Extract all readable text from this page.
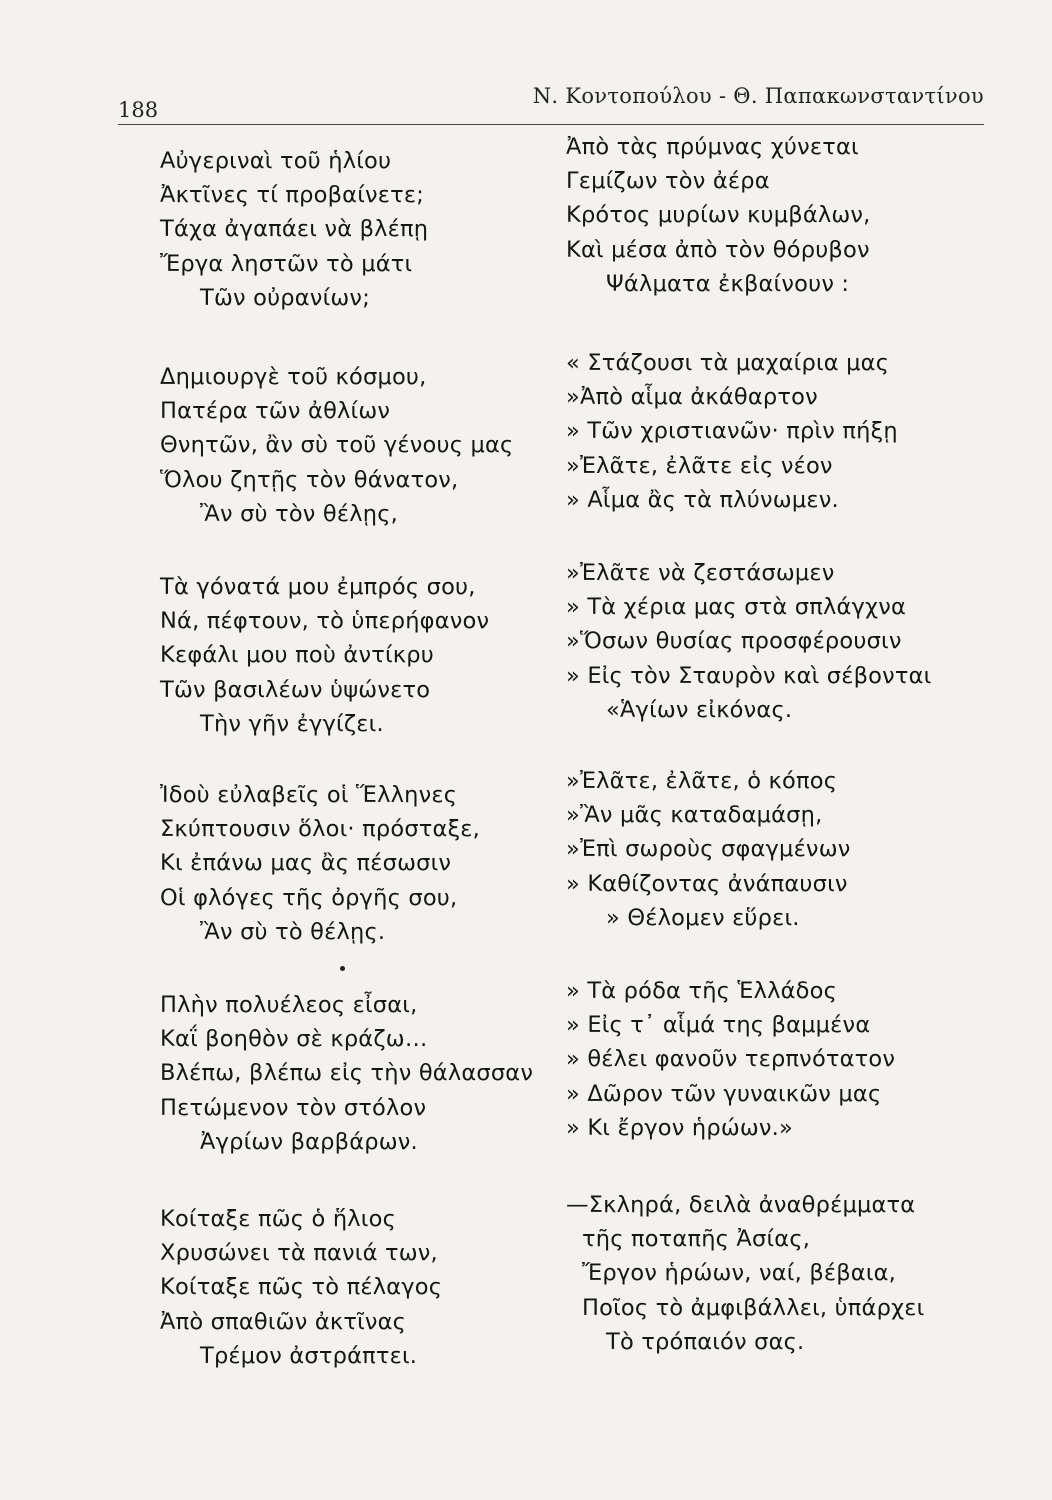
188
Ν. Κοντοπούλου - Θ. Παπακωνσταντίνου
Αὐγεριναὶ τοῦ ἡλίου
Ἀκτῖνες τί προβαίνετε;
Τάχα ἀγαπάει νὰ βλέπῃ
Ἔργα ληστῶν τὸ μάτι
Τῶν οὐρανίων;
Δημιουργὲ τοῦ κόσμου,
Πατέρα τῶν ἀθλίων
Θνητῶν, ἂν σὺ τοῦ γένους μας
Ὅλου ζητῇς τὸν θάνατον,
Ἂν σὺ τὸν θέλῃς,
Τὰ γόνατά μου ἐμπρός σου,
Νά, πέφτουν, τὸ ὑπερήφανον
Κεφάλι μου ποὺ ἀντίκρυ
Τῶν βασιλέων ὑψώνετο
Τὴν γῆν ἐγγίζει.
Ἰδοὺ εὐλαβεῖς οἱ Ἕλληνες
Σκύπτουσιν ὅλοι· πρόσταξε,
Κι ἐπάνω μας ἂς πέσωσιν
Οἱ φλόγες τῆς ὀργῆς σου,
Ἂν σὺ τὸ θέλῃς.
Πλὴν πολυέλεος εἶσαι,
Καΐ βοηθὸν σὲ κράζω…
Βλέπω, βλέπω εἰς τὴν θάλασσαν
Πετώμενον τὸν στόλον
Ἀγρίων βαρβάρων.
Κοίταξε πῶς ὁ ἥλιος
Χρυσώνει τὰ πανιά των,
Κοίταξε πῶς τὸ πέλαγος
Ἀπὸ σπαθιῶν ἀκτῖνας
Τρέμον ἀστράπτει.
Ἀπὸ τὰς πρύμνας χύνεται
Γεμίζων τὸν ἀέρα
Κρότος μυρίων κυμβάλων,
Καὶ μέσα ἀπὸ τὸν θόρυβον
Ψάλματα ἐκβαίνουν :
« Στάζουσι τὰ μαχαίρια μας
»Ἀπὸ αἷμα ἀκάθαρτον
» Τῶν χριστιανῶν· πρὶν πήξῃ
»Ἐλᾶτε, ἐλᾶτε εἰς νέον
» Αἷμα ἂς τὰ πλύνωμεν.
»Ἐλᾶτε νὰ ζεστάσωμεν
» Τὰ χέρια μας στὰ σπλάγχνα
»Ὅσων θυσίας προσφέρουσιν
» Εἰς τὸν Σταυρὸν καὶ σέβονται
«Ἁγίων εἰκόνας.
»Ἐλᾶτε, ἐλᾶτε, ὁ κόπος
»Ἂν μᾶς καταδαμάσῃ,
»Ἐπὶ σωροὺς σφαγμένων
» Καθίζοντας ἀνάπαυσιν
» Θέλομεν εὕρει.
» Τὰ ρόδα τῆς Ἑλλάδος
» Εἰς τ᾽ αἷμά της βαμμένα
» θέλει φανοῦν τερπνότατον
» Δῶρον τῶν γυναικῶν μας
» Κι ἔργον ἡρώων.»
—Σκληρά, δειλὰ ἀναθρέμματα
τῆς ποταπῆς Ἀσίας,
Ἔργον ἡρώων, ναί, βέβαια,
Ποῖος τὸ ἀμφιβάλλει, ὑπάρχει
Τὸ τρόπαιόν σας.
